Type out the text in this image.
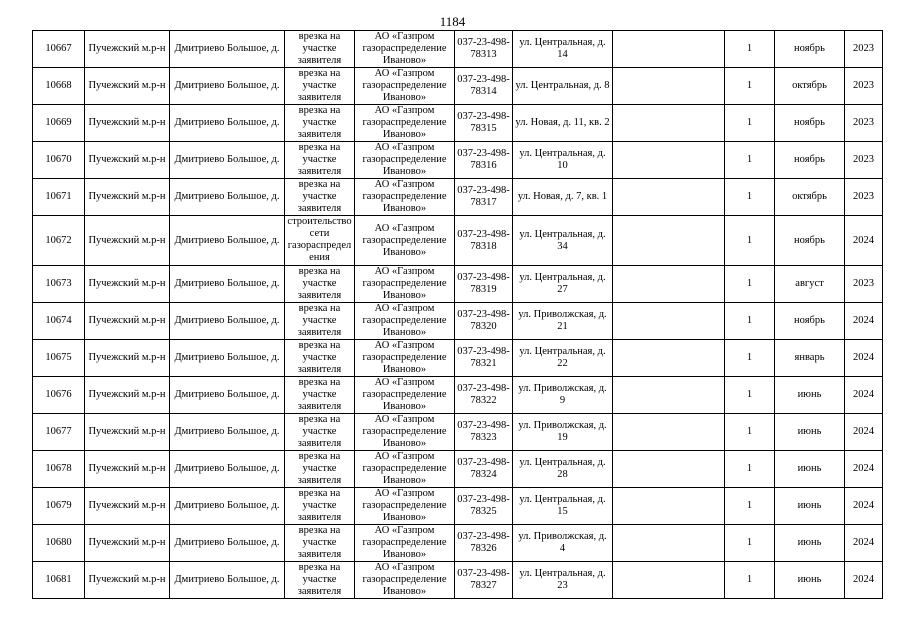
1184
10667	Пучежский м.р-н	Дмитриево Большое, д.	врезка на участке заявителя	АО «Газпром газораспределение Иваново»	037-23-498-78313	ул. Центральная, д. 14		1	ноябрь	2023
10668	Пучежский м.р-н	Дмитриево Большое, д.	врезка на участке заявителя	АО «Газпром газораспределение Иваново»	037-23-498-78314	ул. Центральная, д. 8		1	октябрь	2023
10669	Пучежский м.р-н	Дмитриево Большое, д.	врезка на участке заявителя	АО «Газпром газораспределение Иваново»	037-23-498-78315	ул. Новая, д. 11, кв. 2		1	ноябрь	2023
10670	Пучежский м.р-н	Дмитриево Большое, д.	врезка на участке заявителя	АО «Газпром газораспределение Иваново»	037-23-498-78316	ул. Центральная, д. 10		1	ноябрь	2023
10671	Пучежский м.р-н	Дмитриево Большое, д.	врезка на участке заявителя	АО «Газпром газораспределение Иваново»	037-23-498-78317	ул. Новая, д. 7, кв. 1		1	октябрь	2023
10672	Пучежский м.р-н	Дмитриево Большое, д.	строительство сети газораспределения	АО «Газпром газораспределение Иваново»	037-23-498-78318	ул. Центральная, д. 34		1	ноябрь	2024
10673	Пучежский м.р-н	Дмитриево Большое, д.	врезка на участке заявителя	АО «Газпром газораспределение Иваново»	037-23-498-78319	ул. Центральная, д. 27		1	август	2023
10674	Пучежский м.р-н	Дмитриево Большое, д.	врезка на участке заявителя	АО «Газпром газораспределение Иваново»	037-23-498-78320	ул. Приволжская, д. 21		1	ноябрь	2024
10675	Пучежский м.р-н	Дмитриево Большое, д.	врезка на участке заявителя	АО «Газпром газораспределение Иваново»	037-23-498-78321	ул. Центральная, д. 22		1	январь	2024
10676	Пучежский м.р-н	Дмитриево Большое, д.	врезка на участке заявителя	АО «Газпром газораспределение Иваново»	037-23-498-78322	ул. Приволжская, д. 9		1	июнь	2024
10677	Пучежский м.р-н	Дмитриево Большое, д.	врезка на участке заявителя	АО «Газпром газораспределение Иваново»	037-23-498-78323	ул. Приволжская, д. 19		1	июнь	2024
10678	Пучежский м.р-н	Дмитриево Большое, д.	врезка на участке заявителя	АО «Газпром газораспределение Иваново»	037-23-498-78324	ул. Центральная, д. 28		1	июнь	2024
10679	Пучежский м.р-н	Дмитриево Большое, д.	врезка на участке заявителя	АО «Газпром газораспределение Иваново»	037-23-498-78325	ул. Центральная, д. 15		1	июнь	2024
10680	Пучежский м.р-н	Дмитриево Большое, д.	врезка на участке заявителя	АО «Газпром газораспределение Иваново»	037-23-498-78326	ул. Приволжская, д. 4		1	июнь	2024
10681	Пучежский м.р-н	Дмитриево Большое, д.	врезка на участке заявителя	АО «Газпром газораспределение Иваново»	037-23-498-78327	ул. Центральная, д. 23		1	июнь	2024
